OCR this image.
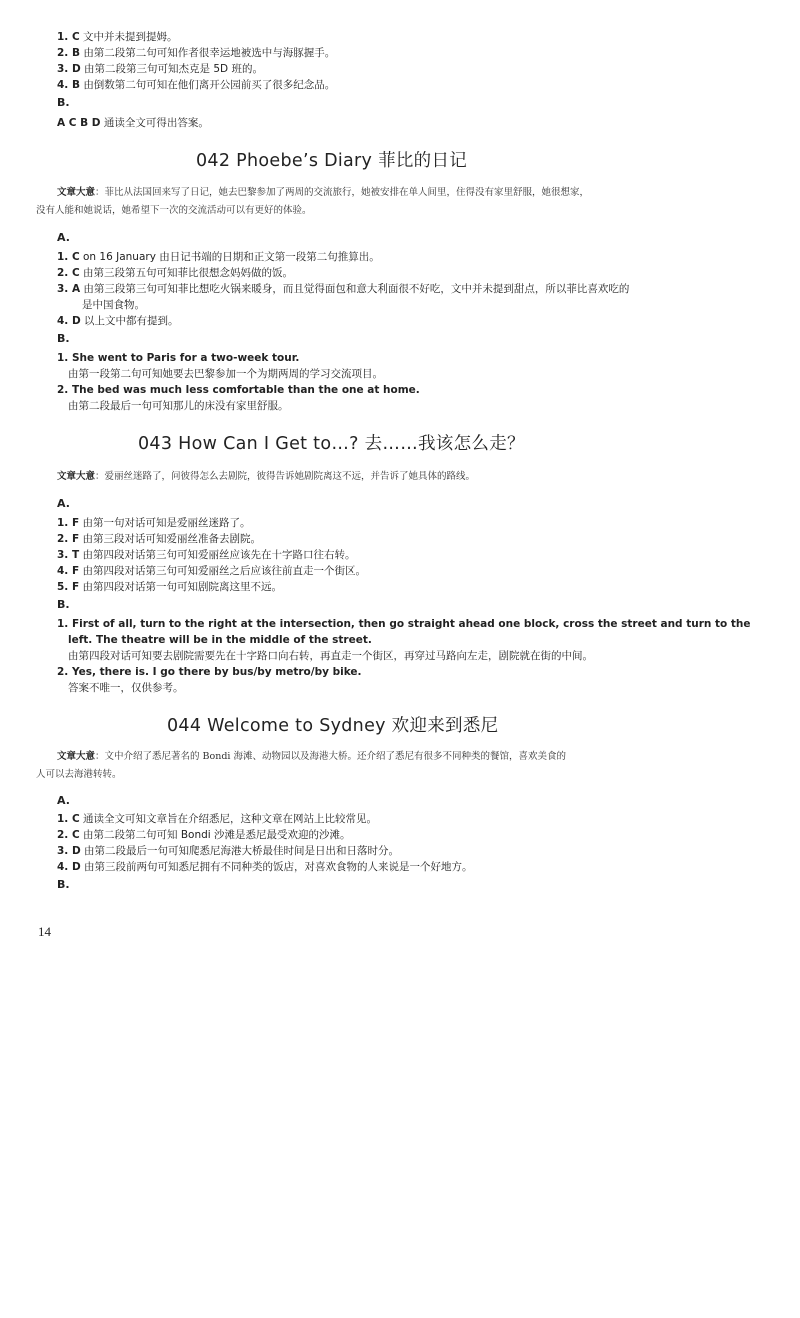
1. C 文中并未提到提姆。
2. B 由第二段第二句可知作者很幸运地被选中与海豚握手。
3. D 由第二段第三句可知杰克是 5D 班的。
4. B 由倒数第二句可知在他们离开公园前买了很多纪念品。
B.
A C B D 通读全文可得出答案。
042 Phoebe’s Diary 菲比的日记
文章大意：菲比从法国回来写了日记，她去巴黎参加了两周的交流旅行，她被安排在单人间里，住得没有家里舒服，她很想家，
没有人能和她说话，她希望下一次的交流活动可以有更好的体验。
A.
1. C on 16 January 由日记书端的日期和正文第一段第二句推算出。
2. C 由第三段第五句可知菲比很想念妈妈做的饭。
3. A 由第三段第三句可知菲比想吃火锅来暖身，而且觉得面包和意大利面很不好吃，文中并未提到甜点，所以菲比喜欢吃的
是中国食物。
4. D 以上文中都有提到。
B.
1. She went to Paris for a two-week tour.
由第一段第二句可知她要去巴黎参加一个为期两周的学习交流项目。
2. The bed was much less comfortable than the one at home.
由第二段最后一句可知那儿的床没有家里舒服。
043 How Can I Get to…? 去……我该怎么走？
文章大意：爱丽丝迷路了，问彼得怎么去剧院，彼得告诉她剧院离这不远，并告诉了她具体的路线。
A.
1. F 由第一句对话可知是爱丽丝迷路了。
2. F 由第三段对话可知爱丽丝准备去剧院。
3. T 由第四段对话第三句可知爱丽丝应该先在十字路口往右转。
4. F 由第四段对话第三句可知爱丽丝之后应该往前直走一个街区。
5. F 由第四段对话第一句可知剧院离这里不远。
B.
1. First of all, turn to the right at the intersection, then go straight ahead one block, cross the street and turn to the
left. The theatre will be in the middle of the street.
由第四段对话可知要去剧院需要先在十字路口向右转，再直走一个街区，再穿过马路向左走，剧院就在街的中间。
2. Yes, there is. I go there by bus/by metro/by bike.
答案不唯一，仅供参考。
044 Welcome to Sydney 欢迎来到悉尼
文章大意：文中介绍了悉尼著名的 Bondi 海滩、动物园以及海港大桥。还介绍了悉尼有很多不同种类的餐馆，喜欢美食的
人可以去海港转转。
A.
1. C 通读全文可知文章旨在介绍悉尼，这种文章在网站上比较常见。
2. C 由第二段第二句可知 Bondi 沙滩是悉尼最受欢迎的沙滩。
3. D 由第二段最后一句可知爬悉尼海港大桥最佳时间是日出和日落时分。
4. D 由第三段前两句可知悉尼拥有不同种类的饭店，对喜欢食物的人来说是一个好地方。
B.
14
